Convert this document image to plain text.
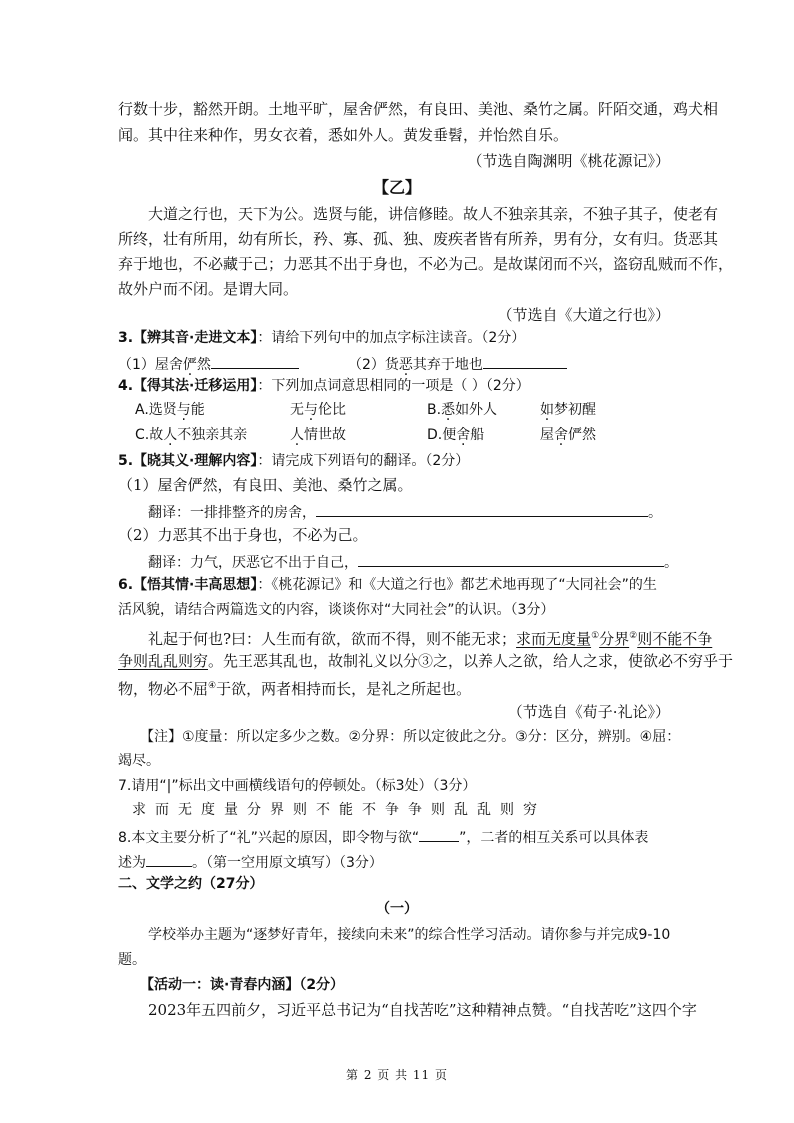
行数十步，豁然开朗。土地平旷，屋舍俨然，有良田、美池、桑竹之属。阡陌交通，鸡犬相
闻。其中往来种作，男女衣着，悉如外人。黄发垂髫，并怡然自乐。
（节选自陶渊明《桃花源记》）
【乙】
大道之行也，天下为公。选贤与能，讲信修睦。故人不独亲其亲，不独子其子，使老有
所终，壮有所用，幼有所长，矜、寡、孤、独、废疾者皆有所养，男有分，女有归。货恶其
弃于地也，不必藏于己；力恶其不出于身也，不必为己。是故谋闭而不兴，盗窃乱贼而不作，
故外户而不闭。是谓大同。
（节选自《大道之行也》）
3.【辨其音·走进文本】：请给下列句中的加点字标注读音。（2分）
（1）屋舍俨然	（2）货恶其弃于地也
4.【得其法·迁移运用】：下列加点词意思相同的一项是（ ）（2分）
A.选贤与能	无与伦比	B.悉如外人	如梦初醒
C.故人不独亲其亲	人情世故	D.便舍船	屋舍俨然
5.【晓其义·理解内容】：请完成下列语句的翻译。（2分）
（1）屋舍俨然，有良田、美池、桑竹之属。
翻译：一排排整齐的房舍，	。
（2）力恶其不出于身也，不必为己。
翻译：力气，厌恶它不出于自己，	。
6.【悟其情·丰高思想】：《桃花源记》和《大道之行也》都艺术地再现了“大同社会”的生
活风貌，请结合两篇选文的内容，谈谈你对“大同社会”的认识。（3分）
礼起于何也?曰：人生而有欲，欲而不得，则不能无求；求而无度量①分界②则不能不争
争则乱乱则穷。先王恶其乱也，故制礼义以分③之，以养人之欲，给人之求，使欲必不穷乎于
物，物必不屈④于欲，两者相持而长，是礼之所起也。
（节选自《荀子·礼论》）
【注】①度量：所以定多少之数。②分界：所以定彼此之分。③分：区分，辨别。④屈：
竭尽。
7.请用“|”标出文中画横线语句的停顿处。（标3处）（3分）
求而无度量分界则不能不争争则乱乱则穷
8.本文主要分析了“礼”兴起的原因，即令物与欲“	”，二者的相互关系可以具体表
述为	。（第一空用原文填写）（3分）
二、文学之约（27分）
（一）
学校举办主题为“逐梦好青年，接续向未来”的综合性学习活动。请你参与并完成9-10
题。
【活动一：读·青春内涵】（2分）
2023年五四前夕，习近平总书记为“自找苦吃”这种精神点赞。“自找苦吃”这四个字
第 2 页 共 11 页
